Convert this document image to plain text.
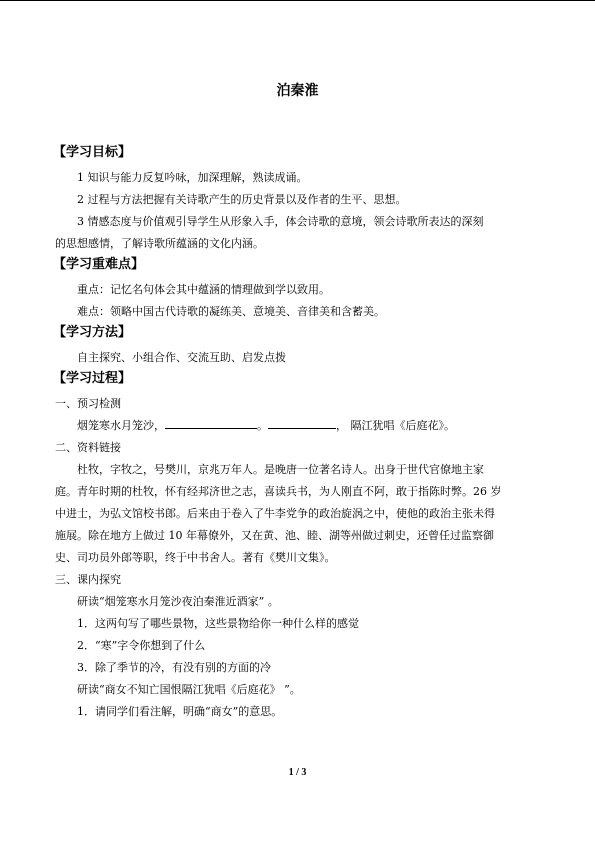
泊秦淮
【学习目标】
1 知识与能力反复吟咏，加深理解，熟读成诵。
2 过程与方法把握有关诗歌产生的历史背景以及作者的生平、思想。
3 情感态度与价值观引导学生从形象入手，体会诗歌的意境，领会诗歌所表达的深刻
的思想感情，了解诗歌所蕴涵的文化内涵。
【学习重难点】
重点：记忆名句体会其中蕴涵的情理做到学以致用。
难点：领略中国古代诗歌的凝练美、意境美、音律美和含蓄美。
【学习方法】
自主探究、小组合作、交流互助、启发点拨
【学习过程】
一、预习检测
烟笼寒水月笼沙，	。	， 隔江犹唱《后庭花》。
二、资料链接
杜牧，字牧之，号樊川，京兆万年人。是晚唐一位著名诗人。出身于世代官僚地主家
庭。青年时期的杜牧，怀有经邦济世之志，喜读兵书，为人刚直不阿，敢于指陈时弊。26 岁
中进士，为弘文馆校书郎。后来由于卷入了牛李党争的政治旋涡之中，使他的政治主张未得
施展。除在地方上做过 10 年幕僚外，又在黄、池、睦、湖等州做过刺史，还曾任过监察御
史、司功员外郎等职，终于中书舍人。著有《樊川文集》。
三、课内探究
研读“烟笼寒水月笼沙夜泊秦淮近酒家” 。
1．这两句写了哪些景物，这些景物给你一种什么样的感觉
2．“寒”字令你想到了什么
3．除了季节的冷，有没有别的方面的冷
研读“商女不知亡国恨隔江犹唱《后庭花》 ”。
1．请同学们看注解，明确“商女”的意思。
1 / 3
